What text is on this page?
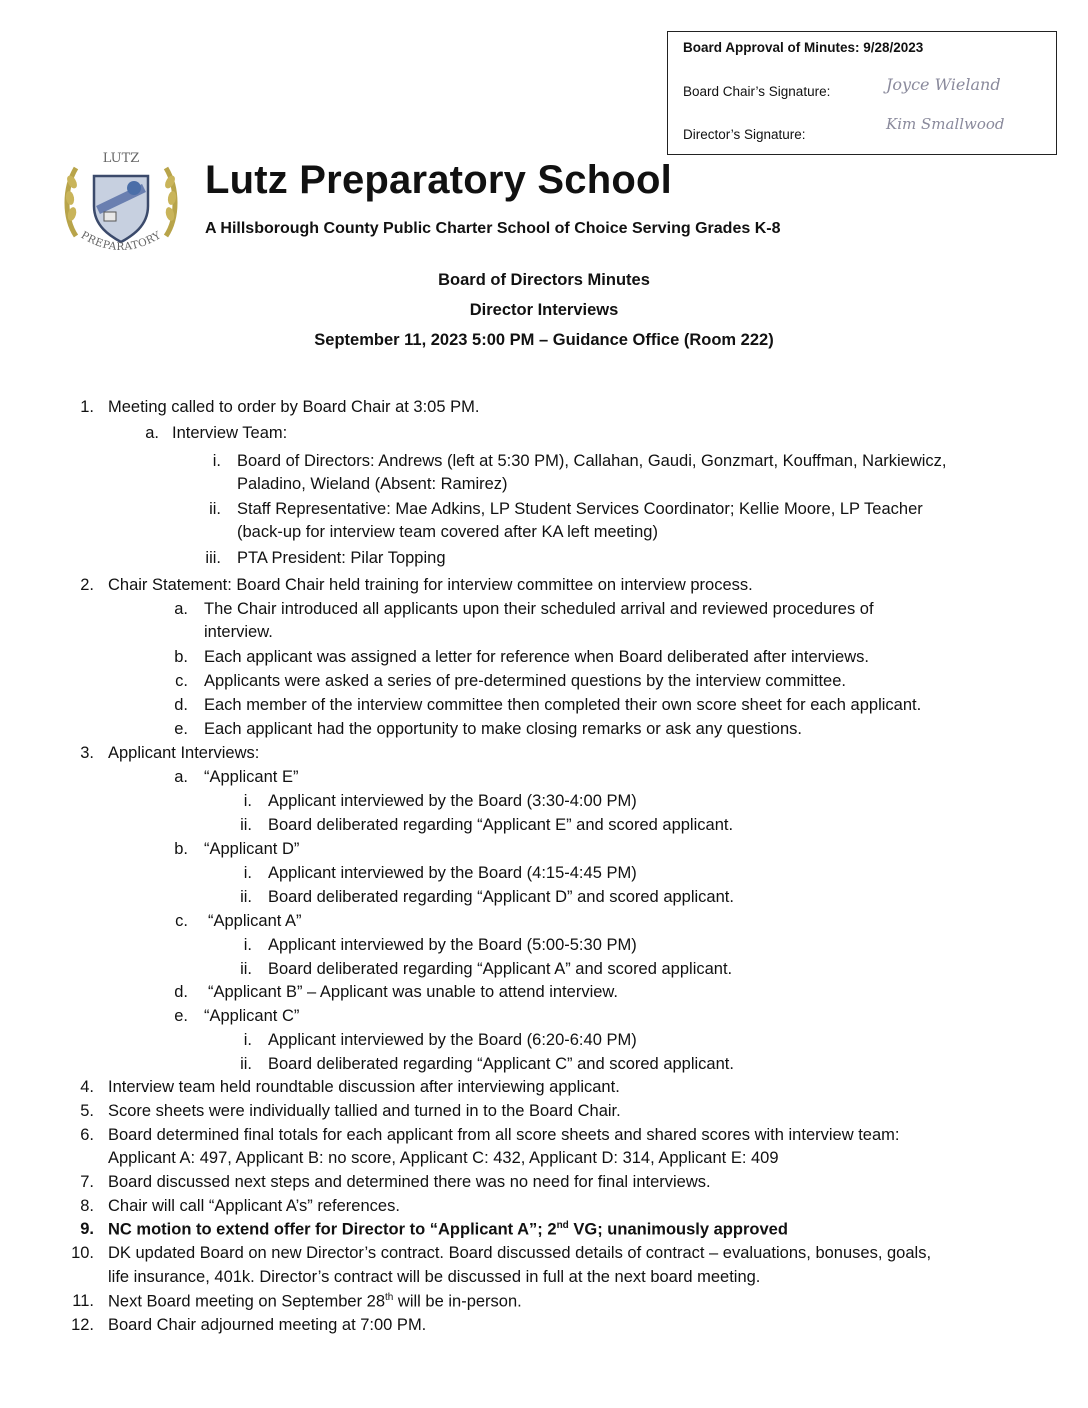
Board Approval of Minutes: 9/28/2023
Board Chair’s Signature:
Director’s Signature:
Joyce Wieland
Kim Smallwood
LUTZ
PREPARATORY
Lutz Preparatory School
A Hillsborough County Public Charter School of Choice Serving Grades K-8
Board of Directors Minutes
Director Interviews
September 11, 2023 5:00 PM – Guidance Office (Room 222)
1. Meeting called to order by Board Chair at 3:05 PM.
a. Interview Team:
i. Board of Directors: Andrews (left at 5:30 PM), Callahan, Gaudi, Gonzmart, Kouffman, Narkiewicz,
Paladino, Wieland (Absent: Ramirez)
ii. Staff Representative: Mae Adkins, LP Student Services Coordinator; Kellie Moore, LP Teacher
(back-up for interview team covered after KA left meeting)
iii. PTA President: Pilar Topping
2. Chair Statement: Board Chair held training for interview committee on interview process.
a. The Chair introduced all applicants upon their scheduled arrival and reviewed procedures of
interview.
b. Each applicant was assigned a letter for reference when Board deliberated after interviews.
c. Applicants were asked a series of pre-determined questions by the interview committee.
d. Each member of the interview committee then completed their own score sheet for each applicant.
e. Each applicant had the opportunity to make closing remarks or ask any questions.
3. Applicant Interviews:
a. “Applicant E”
i. Applicant interviewed by the Board (3:30-4:00 PM)
ii. Board deliberated regarding “Applicant E” and scored applicant.
b. “Applicant D”
i. Applicant interviewed by the Board (4:15-4:45 PM)
ii. Board deliberated regarding “Applicant D” and scored applicant.
c. “Applicant A”
i. Applicant interviewed by the Board (5:00-5:30 PM)
ii. Board deliberated regarding “Applicant A” and scored applicant.
d. “Applicant B” – Applicant was unable to attend interview.
e. “Applicant C”
i. Applicant interviewed by the Board (6:20-6:40 PM)
ii. Board deliberated regarding “Applicant C” and scored applicant.
4. Interview team held roundtable discussion after interviewing applicant.
5. Score sheets were individually tallied and turned in to the Board Chair.
6. Board determined final totals for each applicant from all score sheets and shared scores with interview team:
Applicant A: 497, Applicant B: no score, Applicant C: 432, Applicant D: 314, Applicant E: 409
7. Board discussed next steps and determined there was no need for final interviews.
8. Chair will call “Applicant A’s” references.
9. NC motion to extend offer for Director to “Applicant A”; 2nd VG; unanimously approved
10. DK updated Board on new Director’s contract. Board discussed details of contract – evaluations, bonuses, goals,
life insurance, 401k. Director’s contract will be discussed in full at the next board meeting.
11. Next Board meeting on September 28th will be in-person.
12. Board Chair adjourned meeting at 7:00 PM.
